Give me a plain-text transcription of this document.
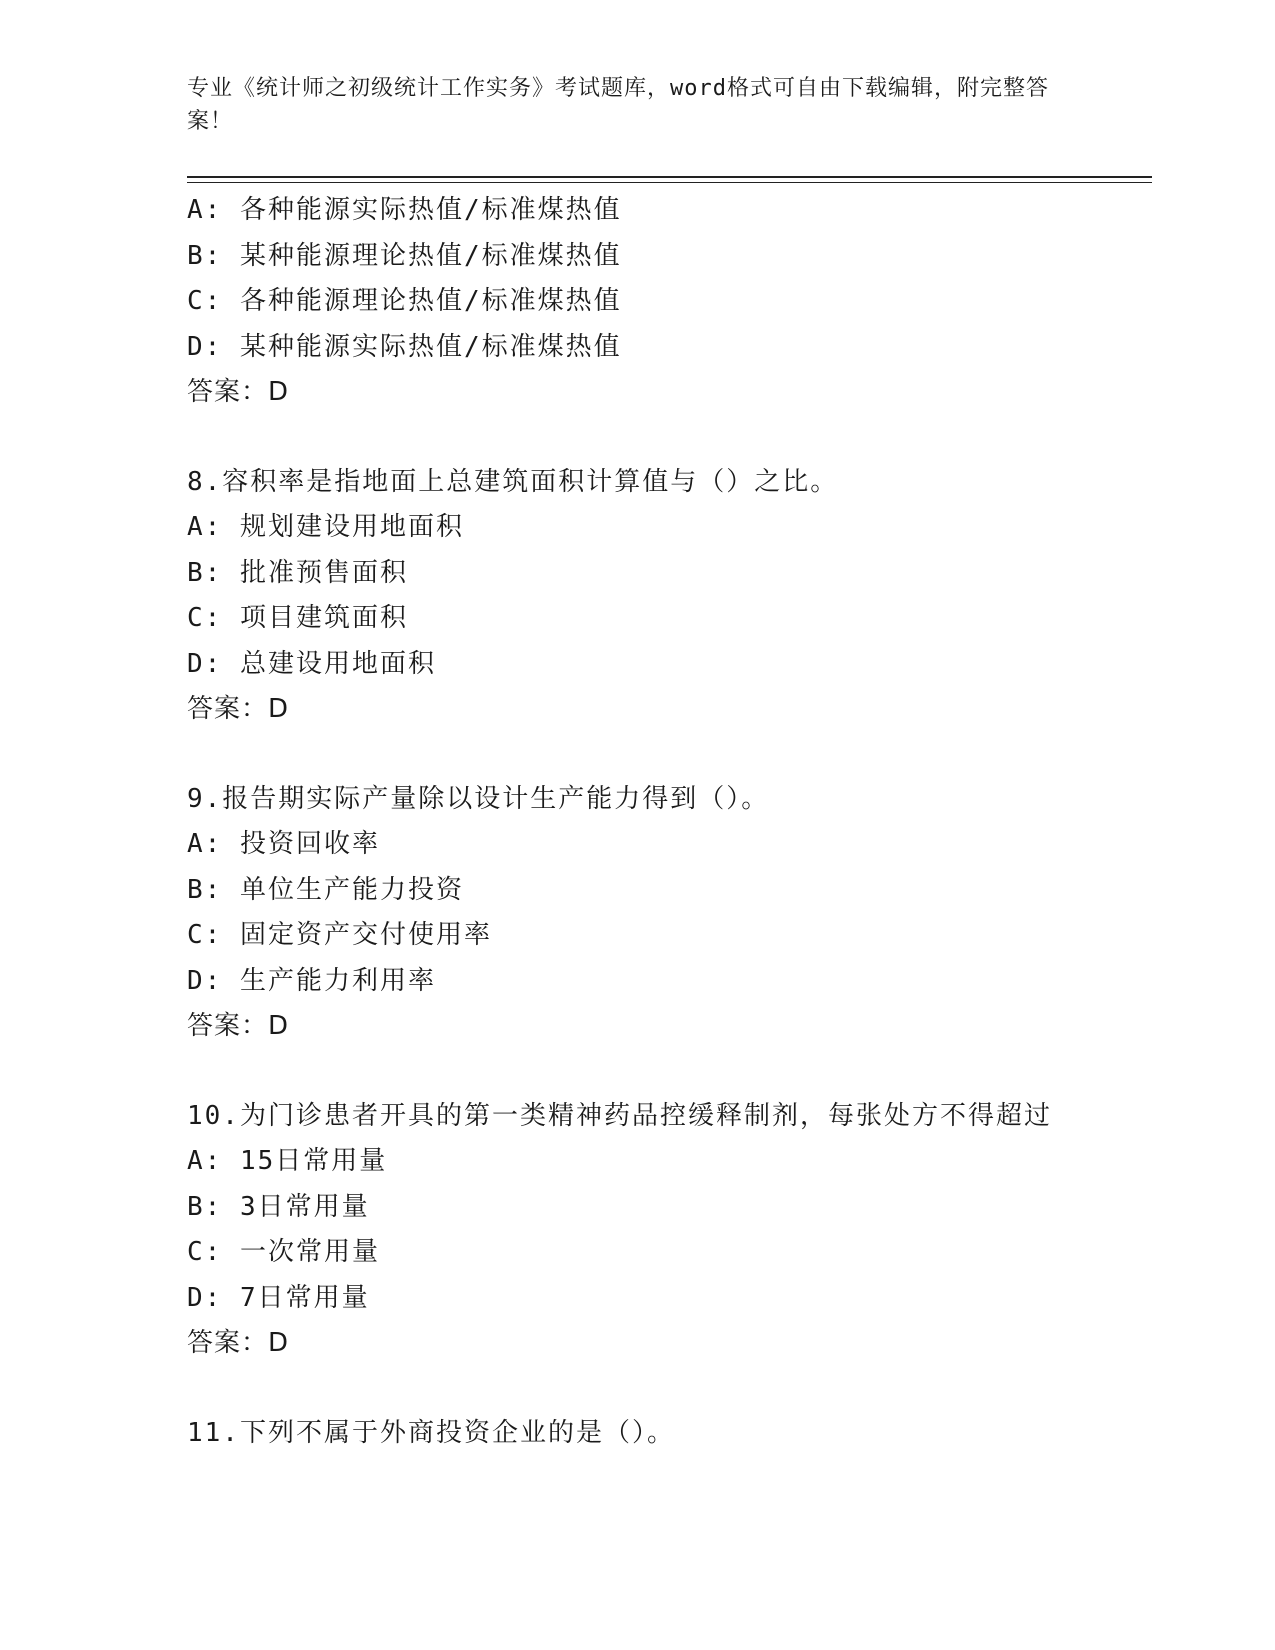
专业《统计师之初级统计工作实务》考试题库，word格式可自由下载编辑，附完整答案！
A: 各种能源实际热值/标准煤热值
B: 某种能源理论热值/标准煤热值
C: 各种能源理论热值/标准煤热值
D: 某种能源实际热值/标准煤热值
答案：D
8.容积率是指地面上总建筑面积计算值与（）之比。
A: 规划建设用地面积
B: 批准预售面积
C: 项目建筑面积
D: 总建设用地面积
答案：D
9.报告期实际产量除以设计生产能力得到（）。
A: 投资回收率
B: 单位生产能力投资
C: 固定资产交付使用率
D: 生产能力利用率
答案：D
10.为门诊患者开具的第一类精神药品控缓释制剂，每张处方不得超过
A: 15日常用量
B: 3日常用量
C: 一次常用量
D: 7日常用量
答案：D
11.下列不属于外商投资企业的是（）。
